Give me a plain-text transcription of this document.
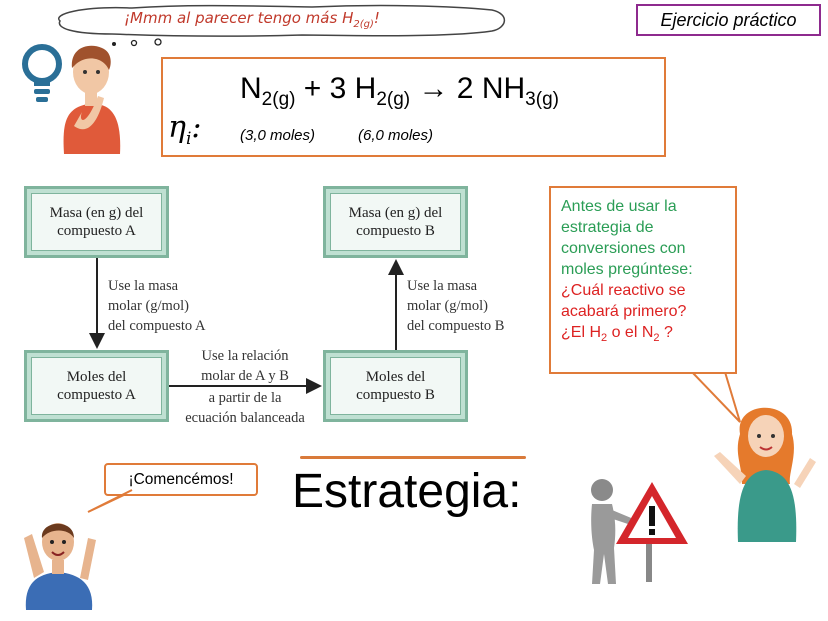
¡Mmm al parecer tengo más $H_{2(g)}$!	Ejercicio práctico
$N_{2(g)} + 3$ $H_{2(g)} \to 2$ $NH_{3(g)}$
$\eta_i$:	(3,0 moles)	(6,0 moles)
Masa (en g) del
compuesto A
Masa (en g) del
compuesto B
Moles del
compuesto A
Moles del
compuesto B
Use la masa
molar (g/mol)
del compuesto A
Use la masa
molar (g/mol)
del compuesto B
Use la relación
molar de A y B
a partir de la
ecuación balanceada
Antes de usar la
estrategia de
conversiones con
moles pregúntese:
¿Cuál reactivo se
acabará primero?
¿El $H_2$ o el $N_2$ ?
¡Comencémos!	Estrategia:
